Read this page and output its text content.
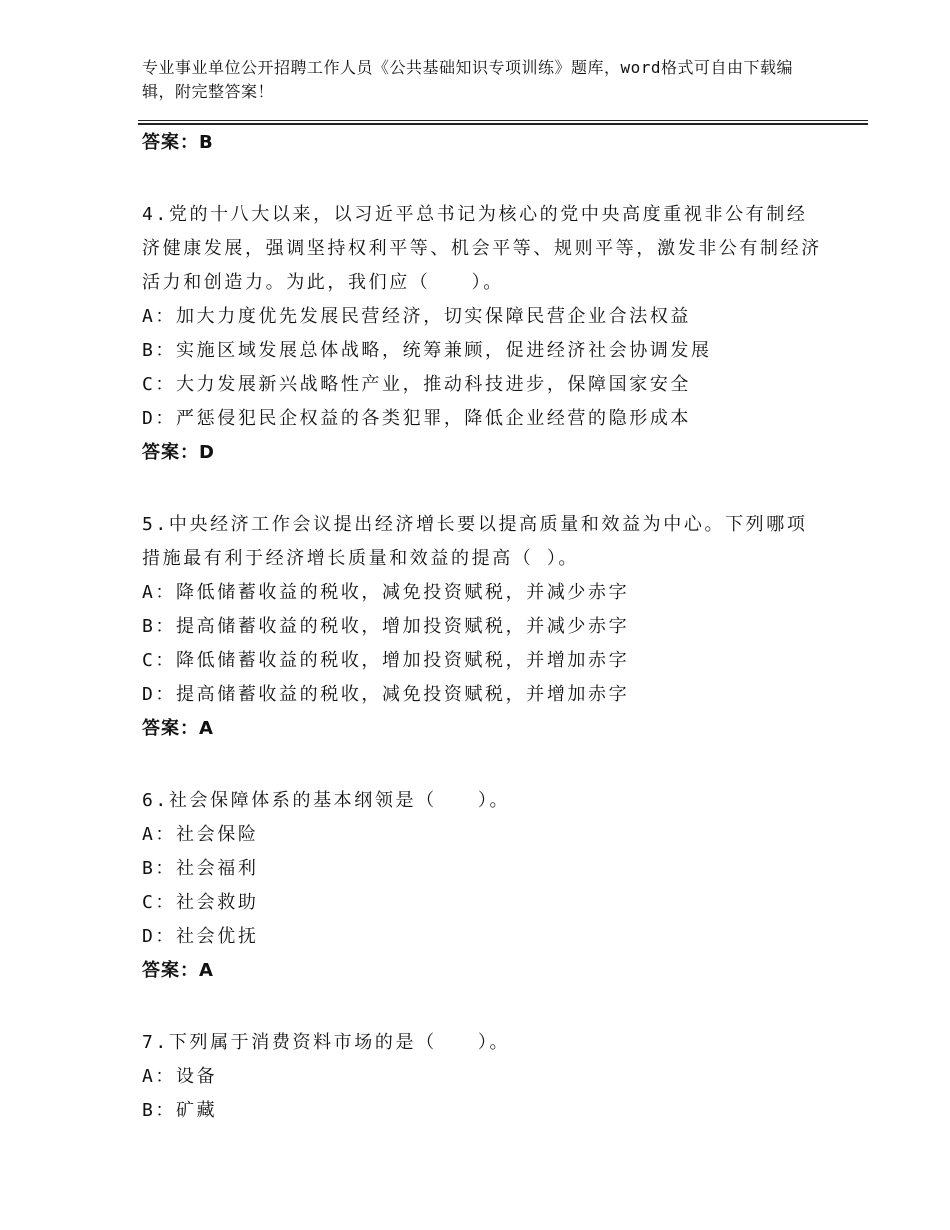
专业事业单位公开招聘工作人员《公共基础知识专项训练》题库，word格式可自由下载编辑，附完整答案！
答案：B
4.党的十八大以来，以习近平总书记为核心的党中央高度重视非公有制经济健康发展，强调坚持权利平等、机会平等、规则平等，激发非公有制经济活力和创造力。为此，我们应（　　）。
A：加大力度优先发展民营经济，切实保障民营企业合法权益
B：实施区域发展总体战略，统筹兼顾，促进经济社会协调发展
C：大力发展新兴战略性产业，推动科技进步，保障国家安全
D：严惩侵犯民企权益的各类犯罪，降低企业经营的隐形成本
答案：D
5.中央经济工作会议提出经济增长要以提高质量和效益为中心。下列哪项措施最有利于经济增长质量和效益的提高（ ）。
A：降低储蓄收益的税收，减免投资赋税，并减少赤字
B：提高储蓄收益的税收，增加投资赋税，并减少赤字
C：降低储蓄收益的税收，增加投资赋税，并增加赤字
D：提高储蓄收益的税收，减免投资赋税，并增加赤字
答案：A
6.社会保障体系的基本纲领是（　　）。
A：社会保险
B：社会福利
C：社会救助
D：社会优抚
答案：A
7.下列属于消费资料市场的是（　　）。
A：设备
B：矿藏
